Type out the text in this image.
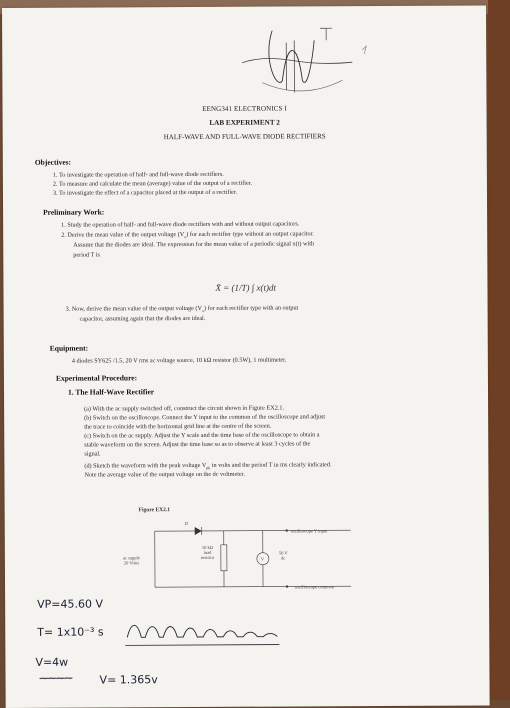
EENG341 ELECTRONICS I
LAB EXPERIMENT 2
HALF-WAVE AND FULL-WAVE DIODE RECTIFIERS
Objectives:
1. To investigate the operation of half- and full-wave diode rectifiers.
2. To measure and calculate the mean (average) value of the output of a rectifier.
3. To investigate the effect of a capacitor placed at the output of a rectifier.
Preliminary Work:
1. Study the operation of half- and full-wave diode rectifiers with and without output capacitors.
2. Derive the mean value of the output voltage $(V_o)$ for each rectifier type without an output capacitor.
Assume that the diodes are ideal. The expression for the mean value of a periodic signal x(t) with
period T is
X̄ = (1/T) ∫ x(t)dt
3. Now, derive the mean value of the output voltage $(V_o)$ for each rectifier type with an output
capacitor, assuming again that the diodes are ideal.
Equipment:
4 diodes SY625 /1.5, 20 V rms ac voltage source, 10 kΩ resistor (0.5W), 1 multimeter.
Experimental Procedure:
1. The Half-Wave Rectifier
(a) With the ac supply switched off, construct the circuit shown in Figure EX2.1.
(b) Switch on the oscilloscope. Connect the Y input to the common of the oscilloscope and adjust
the trace to coincide with the horizontal grid line at the centre of the screen.
(c) Switch on the ac supply. Adjust the Y scale and the time base of the oscilloscope to obtain a
stable waveform on the screen. Adjust the time base so as to observe at least 3 cycles of the
signal.
(d) Sketch the waveform with the peak voltage $V_{pk}$ in volts and the period T in ms clearly indicated.
Note the average value of the output voltage on the dc voltmeter.
Figure EX2.1
D
ac supply
20 Vrms
10 kΩ
load
resistor	V
50 V
dc
oscilloscope Y input
oscilloscope common
VP=45.60 V
T= 1x10⁻³ s
V=4w
V= 1.365v
~~~~
